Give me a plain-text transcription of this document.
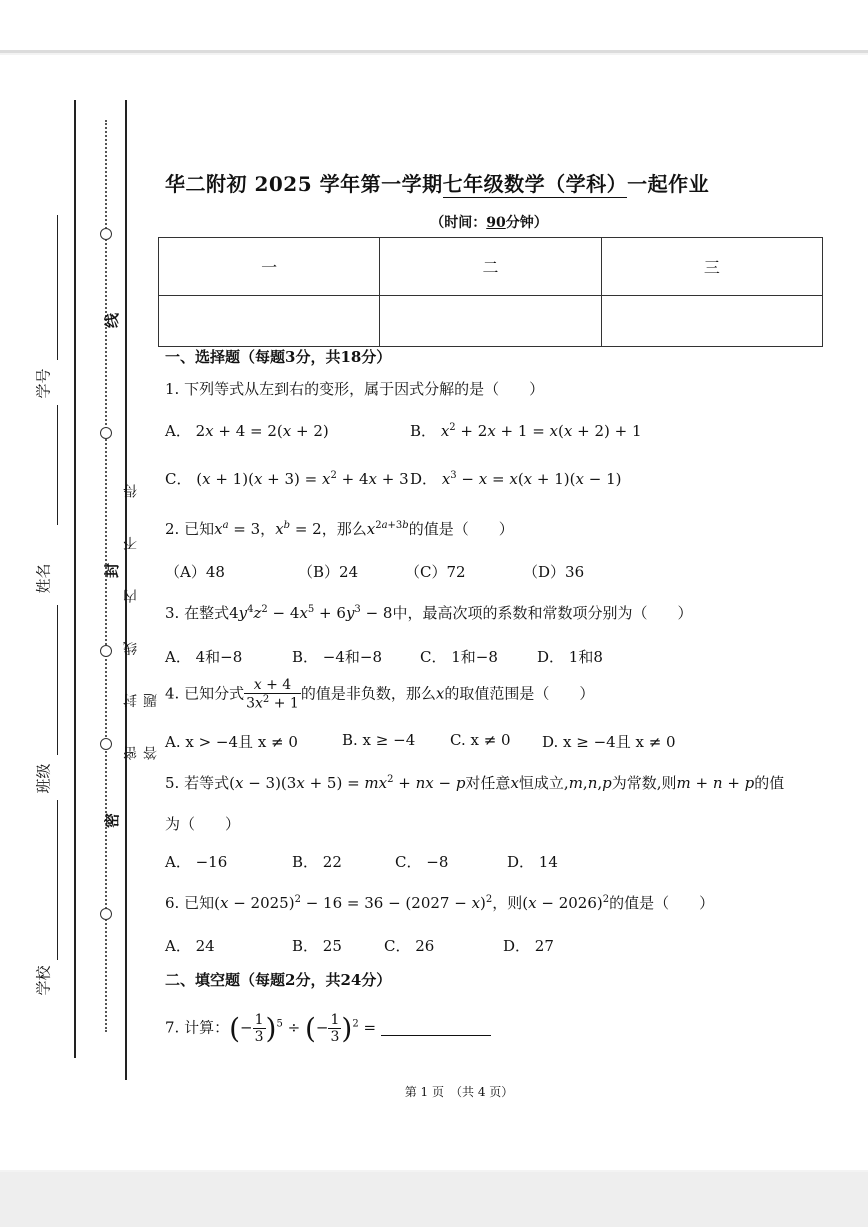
学号
姓名
班级
学校
线
封
密
密 封 线 内 不 得 答 题
华二附初 2025 学年第一学期七年级数学（学科）一起作业
（时间：90分钟）
一	二	三

一、选择题（每题3分，共18分）
1. 下列等式从左到右的变形，属于因式分解的是（　　）
A． 2x + 4 = 2(x + 2)	B． $x^2 + 2x + 1 = x(x + 2) + 1$
C． $(x + 1)(x + 3) = x^2 + 4x + 3$ D． $x^3 - x = x(x + 1)(x - 1)$
2. 已知$x^a = 3$，$x^b = 2$，那么$x^{2a+3b}$的值是（　　）
（A）48	（B）24	（C）72	（D）36
3. 在整式$4y^4z^2 - 4x^5 + 6y^3 - 8$中，最高次项的系数和常数项分别为（　　）
A． 4和−8	B． −4和−8	C． 1和−8	D． 1和8
4. 已知分式 $\frac{x + 4}{3x^2 + 1}$ 的值是非负数，那么x的取值范围是（　　）
A. x > −4且 x ≠ 0	B. x ≥ −4 C. x ≠ 0 D. x ≥ −4且 x ≠ 0
5. 若等式$(x - 3)(3x + 5) = mx^2$ + nx − p对任意x恒成立,m,n,p为常数,则m + n + p的值
为（　　）
A． −16	B． 22	C． −8	D． 14
6. 已知$(x - 2025)^2 - 16 = 36 - (2027 - x)^2$，则$(x - 2026)^2$的值是（　　）
A． 24	B． 25	C． 26	D． 27
二、填空题（每题2分，共24分）
7. 计算：(− $\frac{1}{3} )^5$ ÷ (− $\frac{1}{3} )^2$ =
第 1 页　（共 4 页）
